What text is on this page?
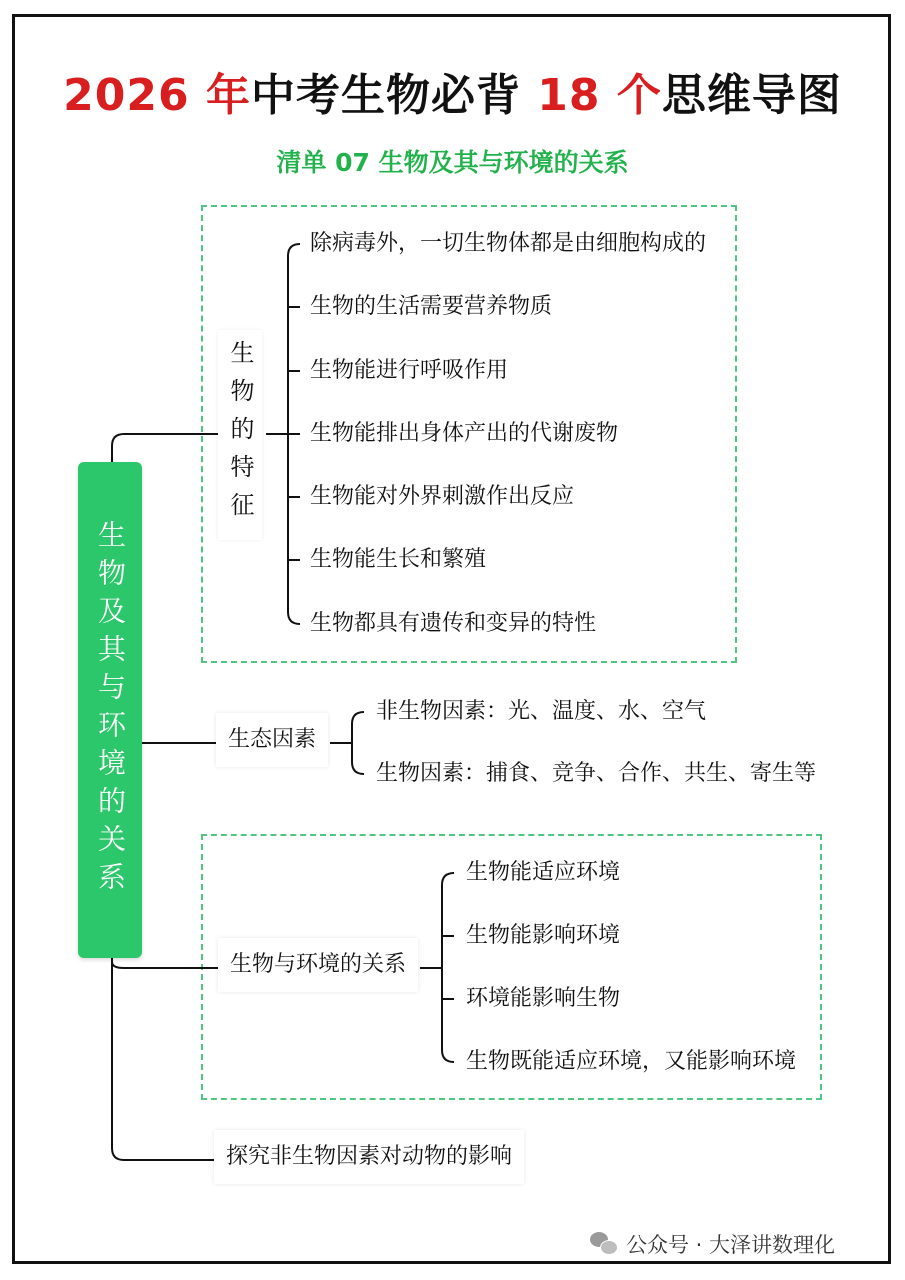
2026 年中考生物必背 18 个思维导图
清单 07 生物及其与环境的关系
生物及其与环境的关系
生物的特征
除病毒外，一切生物体都是由细胞构成的
生物的生活需要营养物质
生物能进行呼吸作用
生物能排出身体产出的代谢废物
生物能对外界刺激作出反应
生物能生长和繁殖
生物都具有遗传和变异的特性
生态因素
非生物因素：光、温度、水、空气
生物因素：捕食、竞争、合作、共生、寄生等
生物与环境的关系
生物能适应环境
生物能影响环境
环境能影响生物
生物既能适应环境，又能影响环境
探究非生物因素对动物的影响
公众号 · 大泽讲数理化
